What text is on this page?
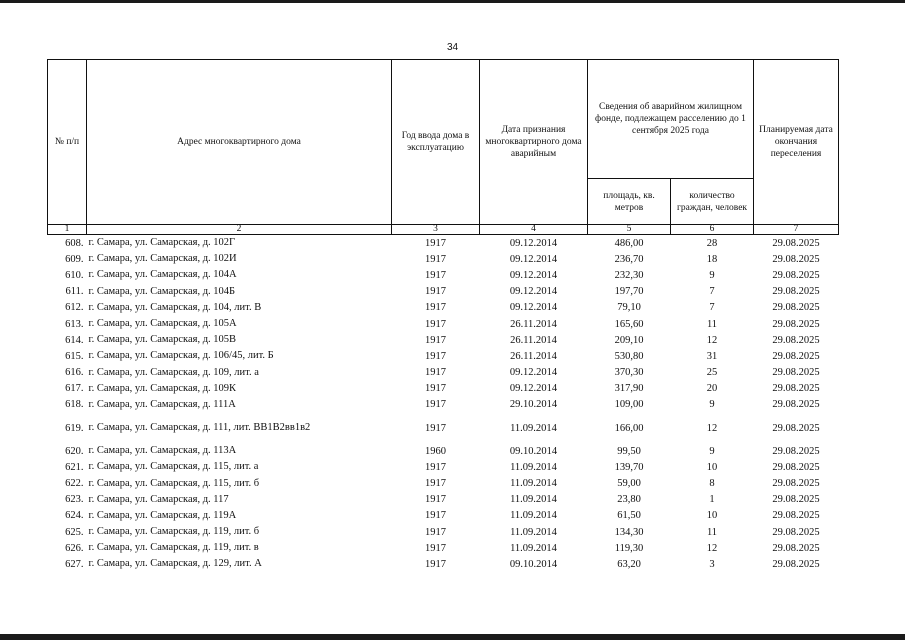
34
№ п/п	Адрес многоквартирного дома	Год ввода дома в эксплуатацию	Дата признания многоквартирного дома аварийным	Сведения об аварийном жилищном фонде, подлежащем расселению до 1 сентября 2025 года		Планируемая дата окончания переселения
				площадь, кв. метров	количество граждан, человек	
1	2	3	4	5	6	7
608.	г. Самара, ул. Самарская, д. 102Г	1917	09.12.2014	486,00	28	29.08.2025
609.	г. Самара, ул. Самарская, д. 102И	1917	09.12.2014	236,70	18	29.08.2025
610.	г. Самара, ул. Самарская, д. 104А	1917	09.12.2014	232,30	9	29.08.2025
611.	г. Самара, ул. Самарская, д. 104Б	1917	09.12.2014	197,70	7	29.08.2025
612.	г. Самара, ул. Самарская, д. 104, лит. В	1917	09.12.2014	79,10	7	29.08.2025
613.	г. Самара, ул. Самарская, д. 105А	1917	26.11.2014	165,60	11	29.08.2025
614.	г. Самара, ул. Самарская, д. 105В	1917	26.11.2014	209,10	12	29.08.2025
615.	г. Самара, ул. Самарская, д. 106/45, лит. Б	1917	26.11.2014	530,80	31	29.08.2025
616.	г. Самара, ул. Самарская, д. 109, лит. а	1917	09.12.2014	370,30	25	29.08.2025
617.	г. Самара, ул. Самарская, д. 109К	1917	09.12.2014	317,90	20	29.08.2025
618.	г. Самара, ул. Самарская, д. 111А	1917	29.10.2014	109,00	9	29.08.2025
619.	г. Самара, ул. Самарская, д. 111, лит. ВВ1В2вв1в2	1917	11.09.2014	166,00	12	29.08.2025
620.	г. Самара, ул. Самарская, д. 113А	1960	09.10.2014	99,50	9	29.08.2025
621.	г. Самара, ул. Самарская, д. 115, лит. а	1917	11.09.2014	139,70	10	29.08.2025
622.	г. Самара, ул. Самарская, д. 115, лит. б	1917	11.09.2014	59,00	8	29.08.2025
623.	г. Самара, ул. Самарская, д. 117	1917	11.09.2014	23,80	1	29.08.2025
624.	г. Самара, ул. Самарская, д. 119А	1917	11.09.2014	61,50	10	29.08.2025
625.	г. Самара, ул. Самарская, д. 119, лит. б	1917	11.09.2014	134,30	11	29.08.2025
626.	г. Самара, ул. Самарская, д. 119, лит. в	1917	11.09.2014	119,30	12	29.08.2025
627.	г. Самара, ул. Самарская, д. 129, лит. А	1917	09.10.2014	63,20	3	29.08.2025
